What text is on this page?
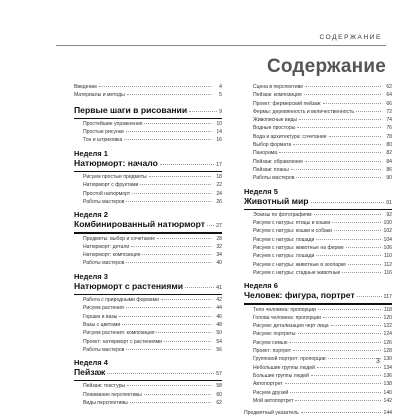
СОДЕРЖАНИЕ
Содержание
Введение	4
Материалы и методы	5
Первые шаги в рисовании	9
Простейшие упражнения	10
Простые рисунки	14
Тон и штриховка	16
Неделя 1
Натюрморт: начало	17
Рисуем простые предметы	18
Натюрморт с фруктами	22
Простой натюрморт	24
Работы мастеров	26
Неделя 2
Комбинированный натюрморт 27
Предметы: выбор и сочетание	28
Натюрморт: детали	32
Натюрморт: композиция	34
Работы мастеров	40
Неделя 3
Натюрморт с растениями	41
Работа с природными формами	42
Рисуем растения	44
Горшки и вазы	46
Вазы с цветами	48
Рисуем растения: композиция	50
Проект: натюрморт с растениями	54
Работы мастеров	56
Неделя 4
Пейзаж	57
Пейзаж: текстуры	58
Понимание перспективы	60
Виды перспективы	62
Сцена в перспективе	62
Пейзаж: композиция	64
Проект: фермерский пейзаж	66
Фермы: деревянность и величественность	72
Живописные виды	74
Водные просторы	76
Вода и архитектура: сочетание	78
Выбор формата	80
Панорама	82
Пейзаж: обрамление	84
Пейзаж: планы	86
Работы мастеров	90
Неделя 5
Животный мир	91
Эскизы по фотографиям	92
Рисуем с натуры: птицы и кошки	100
Рисуем с натуры: кошки и собаки	102
Рисуем с натуры: лошади	104
Рисуем с натуры: животные на ферме	106
Рисуем с натуры: лошади	110
Рисуем с натуры: животные в зоопарке	112
Рисуем с натуры: стадные животные	116
Неделя 6
Человек: фигура, портрет	117
Тело человека: пропорции	118
Голова человека: пропорции	120
Рисуем: детализация черт лица	122
Рисуем: портреты	124
Рисуем семью	126
Проект: портрет	128
Групповой портрет: пропорции	130
Небольшие группы людей	134
Большие группы людей	136
Автопортрет	138
Рисуем друзей	140
Мой автопортрет	142
Предметный указатель	144
3
